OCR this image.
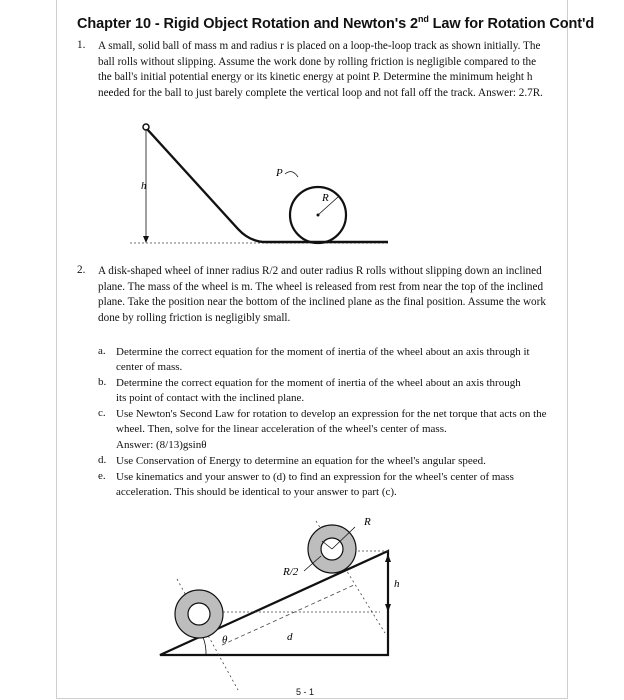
Chapter 10 - Rigid Object Rotation and Newton's 2nd Law for Rotation Cont'd
1. A small, solid ball of mass m and radius r is placed on a loop-the-loop track as shown initially. The ball rolls without slipping. Assume the work done by rolling friction is negligible compared to the the ball's initial potential energy or its kinetic energy at point P. Determine the minimum height h needed for the ball to just barely complete the vertical loop and not fall off the track. Answer: 2.7R.
h
P
R
R
R/2
h
d
θ
2. A disk-shaped wheel of inner radius R/2 and outer radius R rolls without slipping down an inclined plane. The mass of the wheel is m. The wheel is released from rest from near the top of the inclined plane. Take the position near the bottom of the inclined plane as the final position. Assume the work done by rolling friction is negligibly small.
a. Determine the correct equation for the moment of inertia of the wheel about an axis through it center of mass.
b. Determine the correct equation for the moment of inertia of the wheel about an axis through its point of contact with the inclined plane.
c. Use Newton's Second Law for rotation to develop an expression for the net torque that acts on the wheel. Then, solve for the linear acceleration of the wheel's center of mass.
Answer: (8/13)gsinθ
d. Use Conservation of Energy to determine an equation for the wheel's angular speed.
e. Use kinematics and your answer to (d) to find an expression for the wheel's center of mass acceleration. This should be identical to your answer to part (c).
5 - 1
